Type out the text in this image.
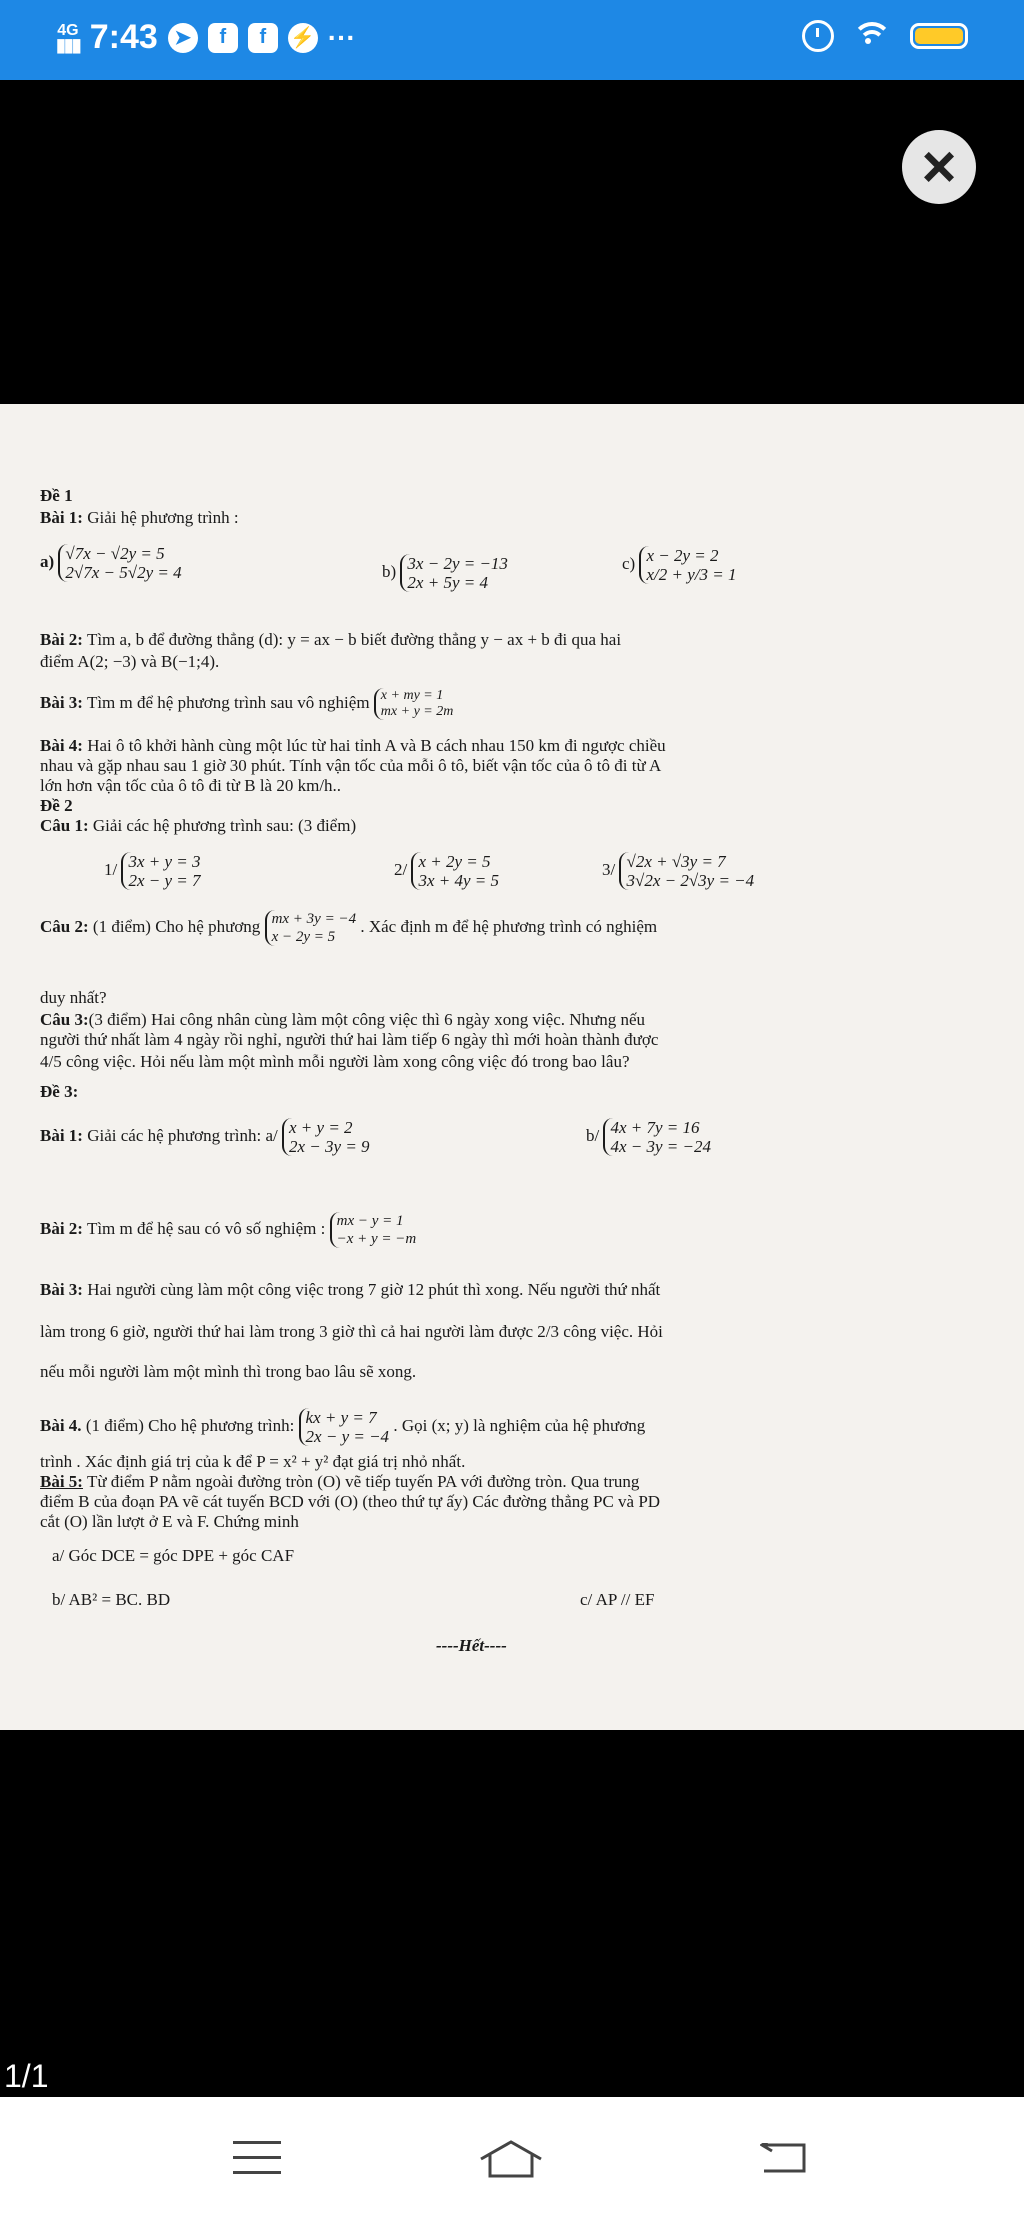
4G
▮▮▮ 7:43 ➤	f	f	⚡ ···
×
Đề 1
Bài 1: Giải hệ phương trình :
a) √7x − √2y = 5
2√7x − 5√2y = 4	b) 3x − 2y = −13
2x + 5y = 4
c) x − 2y = 2
x/2 + y/3 = 1
Bài 2: Tìm a, b để đường thẳng (d): y = ax − b biết đường thẳng y − ax + b đi qua hai
điểm A(2; −3) và B(−1;4).
Bài 3: Tìm m để hệ phương trình sau vô nghiệm x + my = 1
mx + y = 2m
Bài 4: Hai ô tô khởi hành cùng một lúc từ hai tỉnh A và B cách nhau 150 km đi ngược chiều
nhau và gặp nhau sau 1 giờ 30 phút. Tính vận tốc của mỗi ô tô, biết vận tốc của ô tô đi từ A
lớn hơn vận tốc của ô tô đi từ B là 20 km/h..
Đề 2
Câu 1: Giải các hệ phương trình sau: (3 điểm)
1/ 3x + y = 3
2x − y = 7
2/ x + 2y = 5
3x + 4y = 5
3/ √2x + √3y = 7
3√2x − 2√3y = −4
Câu 2: (1 điểm) Cho hệ phương mx + 3y = −4
x − 2y = 5
. Xác định m để hệ phương trình có nghiệm
duy nhất?
Câu 3:(3 điểm) Hai công nhân cùng làm một công việc thì 6 ngày xong việc. Nhưng nếu
người thứ nhất làm 4 ngày rồi nghỉ, người thứ hai làm tiếp 6 ngày thì mới hoàn thành được
4/5 công việc. Hỏi nếu làm một mình mỗi người làm xong công việc đó trong bao lâu?
Đề 3:
Bài 1: Giải các hệ phương trình: a/ x + y = 2
2x − 3y = 9
b/ 4x + 7y = 16
4x − 3y = −24
Bài 2: Tìm m để hệ sau có vô số nghiệm : mx − y = 1
−x + y = −m
Bài 3: Hai người cùng làm một công việc trong 7 giờ 12 phút thì xong. Nếu người thứ nhất
làm trong 6 giờ, người thứ hai làm trong 3 giờ thì cả hai người làm được 2/3 công việc. Hỏi
nếu mỗi người làm một mình thì trong bao lâu sẽ xong.
Bài 4. (1 điểm) Cho hệ phương trình: kx + y = 7
2x − y = −4
. Gọi (x; y) là nghiệm của hệ phương
trình . Xác định giá trị của k để P = x² + y² đạt giá trị nhỏ nhất.
Bài 5: Từ điểm P nằm ngoài đường tròn (O) vẽ tiếp tuyến PA với đường tròn. Qua trung
điểm B của đoạn PA vẽ cát tuyến BCD với (O) (theo thứ tự ấy) Các đường thẳng PC và PD
cắt (O) lần lượt ở E và F. Chứng minh
a/ Góc DCE = góc DPE + góc CAF
b/ AB² = BC. BD	c/ AP // EF
----Hết----
1/1
